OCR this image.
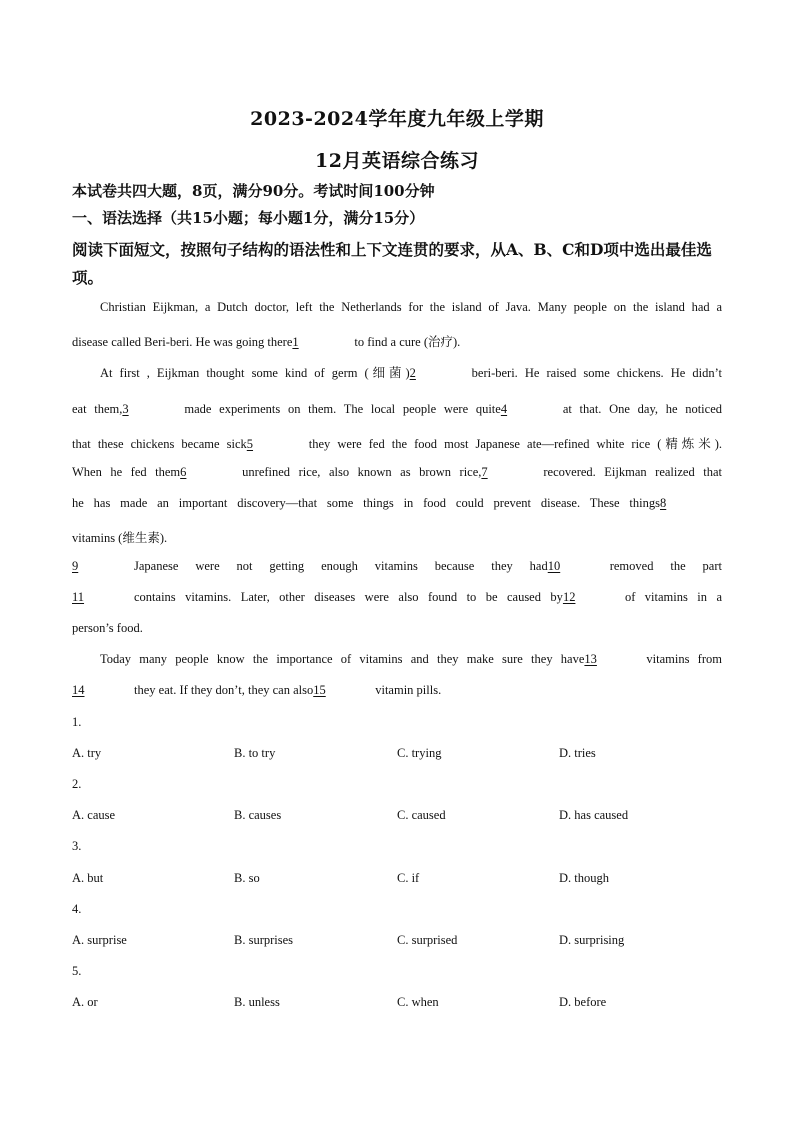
2023-2024学年度九年级上学期
12月英语综合练习
本试卷共四大题，8页，满分90分。考试时间100分钟
一、语法选择（共15小题；每小题1分，满分15分）
阅读下面短文，按照句子结构的语法性和上下文连贯的要求，从A、B、C和D项中选出最佳选项。
Christian Eijkman, a Dutch doctor, left the Netherlands for the island of Java. Many people on the island had a
disease called Beri-beri. He was going there1	to find a cure (治疗).
At first , Eijkman thought some kind of germ (细菌)2	beri-beri. He raised some chickens. He didn’t
eat them,3	made experiments on them. The local people were quite4	at that. One day, he noticed
that these chickens became sick5	they were fed the food most Japanese ate—refined white rice (精炼米).
When he fed them6	unrefined rice, also known as brown rice,7	recovered. Eijkman realized that
he has made an important discovery—that some things in food could prevent disease. These things8
vitamins (维生素).
9	Japanese were not getting enough vitamins because they had10	removed the part
11	contains vitamins. Later, other diseases were also found to be caused by12	of vitamins in a
person’s food.
Today many people know the importance of vitamins and they make sure they have13	vitamins from
14	they eat. If they don’t, they can also15	vitamin pills.
1.
A. try	B. to try	C. trying	D. tries
2.
A. cause	B. causes	C. caused	D. has caused
3.
A. but	B. so	C. if	D. though
4.
A. surprise	B. surprises	C. surprised	D. surprising
5.
A. or	B. unless	C. when	D. before
